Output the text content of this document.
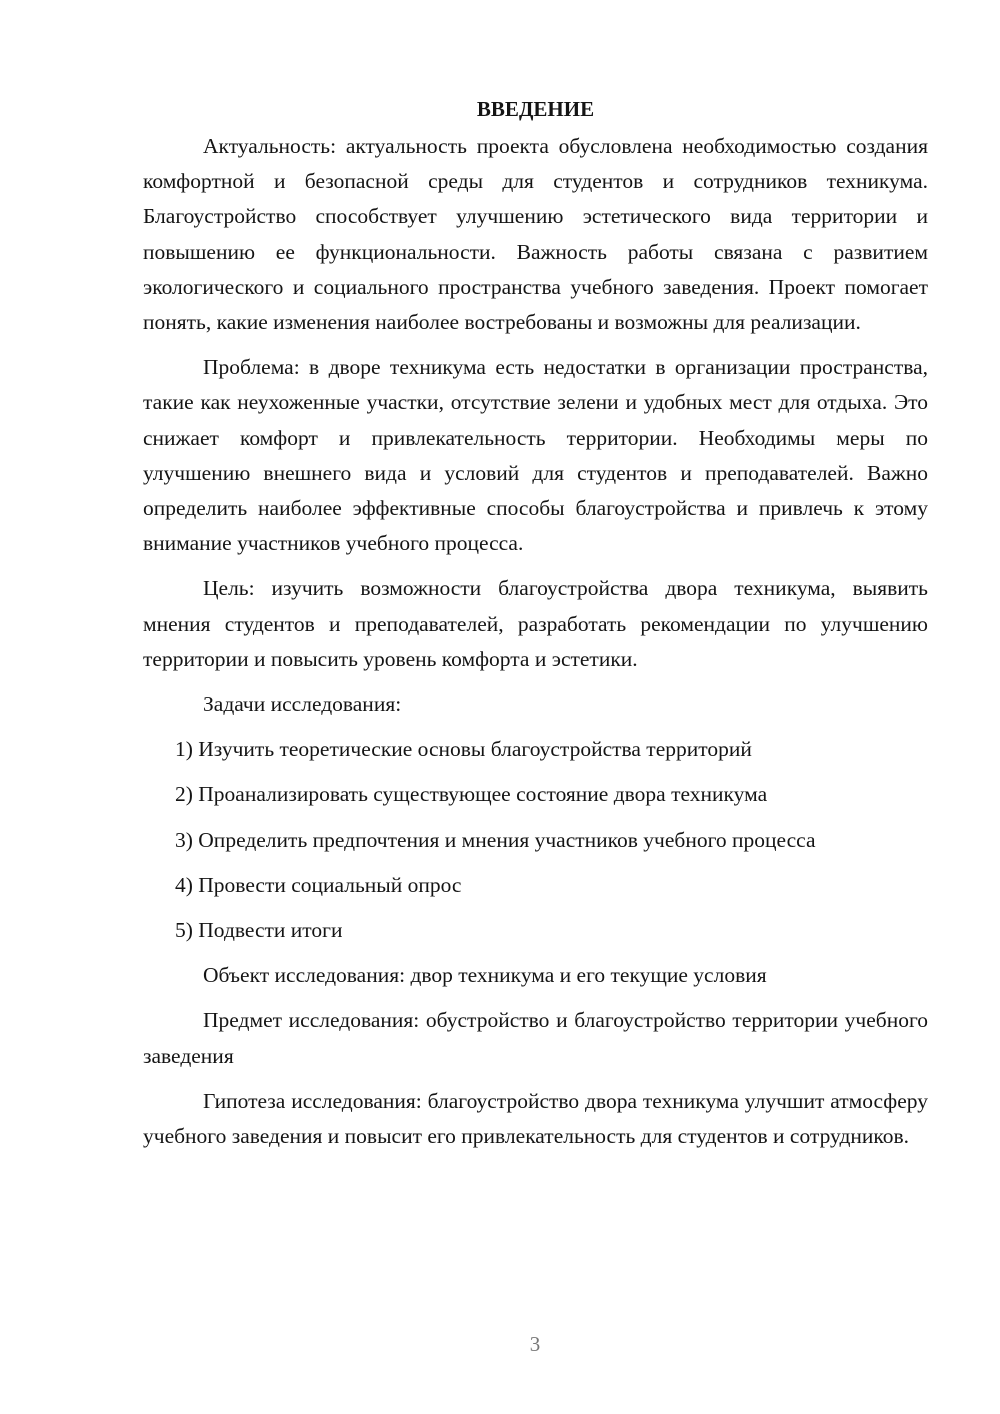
ВВЕДЕНИЕ

Актуальность: актуальность проекта обусловлена необходимостью создания комфортной и безопасной среды для студентов и сотрудников техникума. Благоустройство способствует улучшению эстетического вида территории и повышению ее функциональности. Важность работы связана с развитием экологического и социального пространства учебного заведения. Проект помогает понять, какие изменения наиболее востребованы и возможны для реализации.

Проблема: в дворе техникума есть недостатки в организации пространства, такие как неухоженные участки, отсутствие зелени и удобных мест для отдыха. Это снижает комфорт и привлекательность территории. Необходимы меры по улучшению внешнего вида и условий для студентов и преподавателей. Важно определить наиболее эффективные способы благоустройства и привлечь к этому внимание участников учебного процесса.

Цель: изучить возможности благоустройства двора техникума, выявить мнения студентов и преподавателей, разработать рекомендации по улучшению территории и повысить уровень комфорта и эстетики.

Задачи исследования:

1) Изучить теоретические основы благоустройства территорий
2) Проанализировать существующее состояние двора техникума
3) Определить предпочтения и мнения участников учебного процесса
4) Провести социальный опрос
5) Подвести итоги

Объект исследования: двор техникума и его текущие условия

Предмет исследования: обустройство и благоустройство территории учебного заведения

Гипотеза исследования: благоустройство двора техникума улучшит атмосферу учебного заведения и повысит его привлекательность для студентов и сотрудников.

3
